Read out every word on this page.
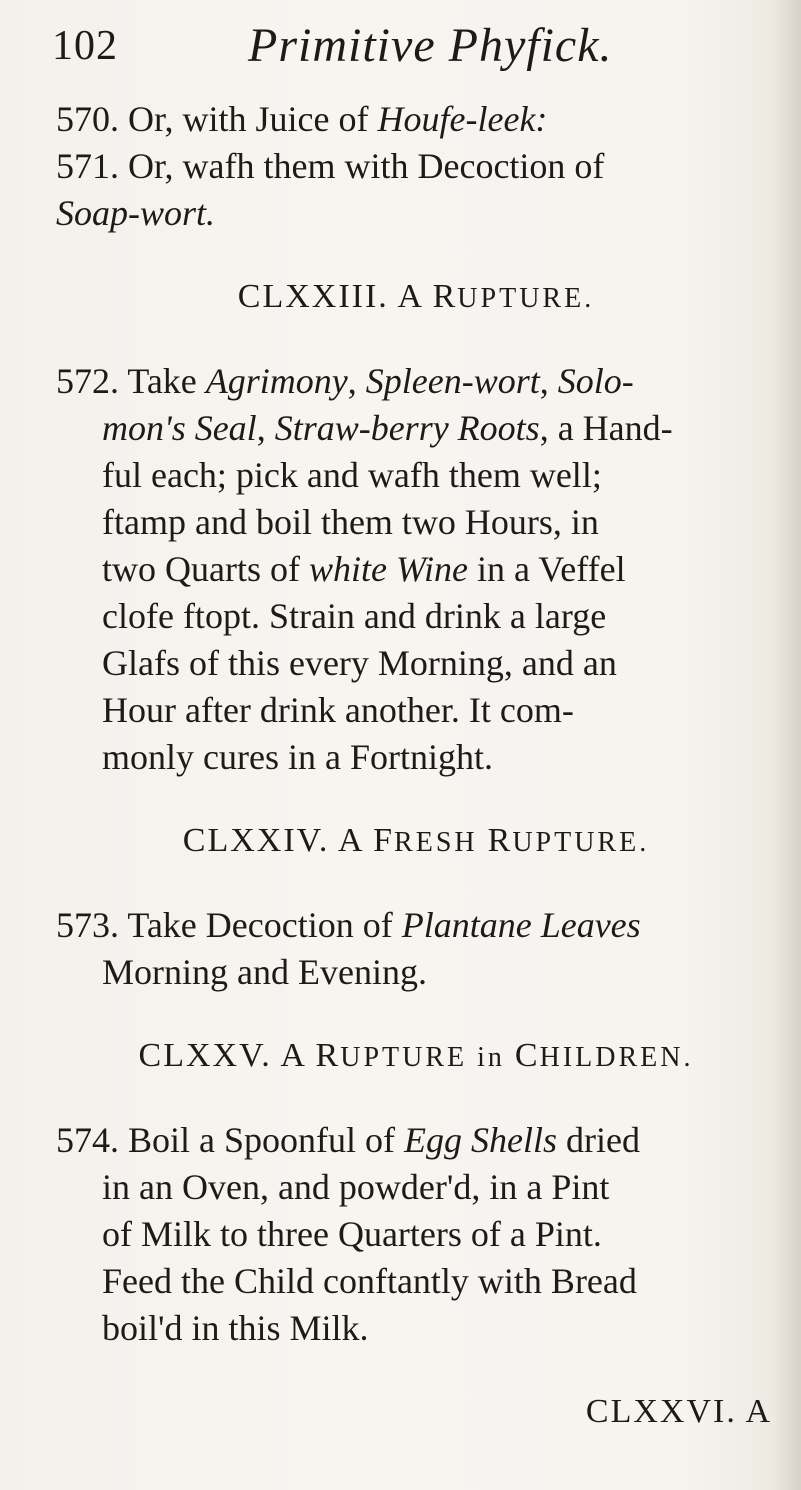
102	Primitive Phyfick.
570. Or, with Juice of Houfe-leek:
571. Or, wafh them with Decoction of
Soap-wort.
CLXXIII. A RUPTURE.
572. Take Agrimony, Spleen-wort, Solo-
mon's Seal, Straw-berry Roots, a Hand-
ful each; pick and wafh them well;
ftamp and boil them two Hours, in
two Quarts of white Wine in a Veffel
clofe ftopt. Strain and drink a large
Glafs of this every Morning, and an
Hour after drink another. It com-
monly cures in a Fortnight.
CLXXIV. A FRESH RUPTURE.
573. Take Decoction of Plantane Leaves
Morning and Evening.
CLXXV. A RUPTURE in CHILDREN.
574. Boil a Spoonful of Egg Shells dried
in an Oven, and powder'd, in a Pint
of Milk to three Quarters of a Pint.
Feed the Child conftantly with Bread
boil'd in this Milk.
CLXXVI. A
